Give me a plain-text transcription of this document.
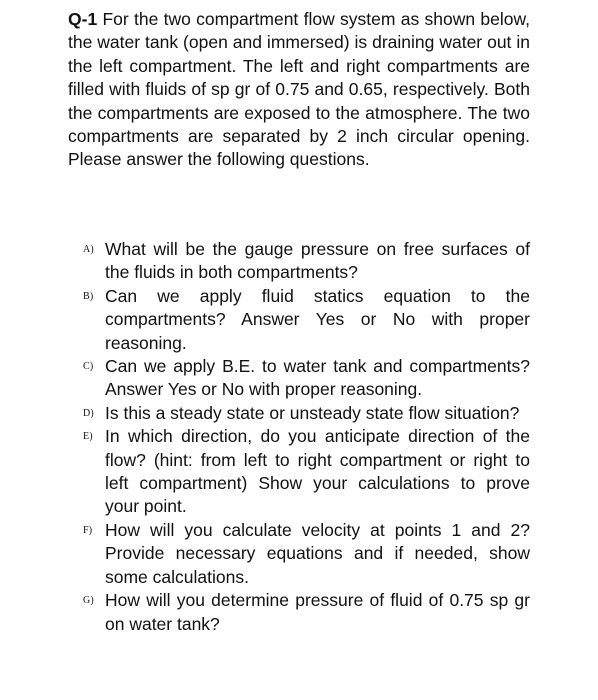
Q-1 For the two compartment flow system as shown below, the water tank (open and immersed) is draining water out in the left compartment. The left and right compartments are filled with fluids of sp gr of 0.75 and 0.65, respectively. Both the compartments are exposed to the atmosphere. The two compartments are separated by 2 inch circular opening. Please answer the following questions.
A) What will be the gauge pressure on free surfaces of the fluids in both compartments?
B) Can we apply fluid statics equation to the compartments? Answer Yes or No with proper reasoning.
C) Can we apply B.E. to water tank and compartments? Answer Yes or No with proper reasoning.
D) Is this a steady state or unsteady state flow situation?
E) In which direction, do you anticipate direction of the flow? (hint: from left to right compartment or right to left compartment) Show your calculations to prove your point.
F) How will you calculate velocity at points 1 and 2? Provide necessary equations and if needed, show some calculations.
G) How will you determine pressure of fluid of 0.75 sp gr on water tank?
